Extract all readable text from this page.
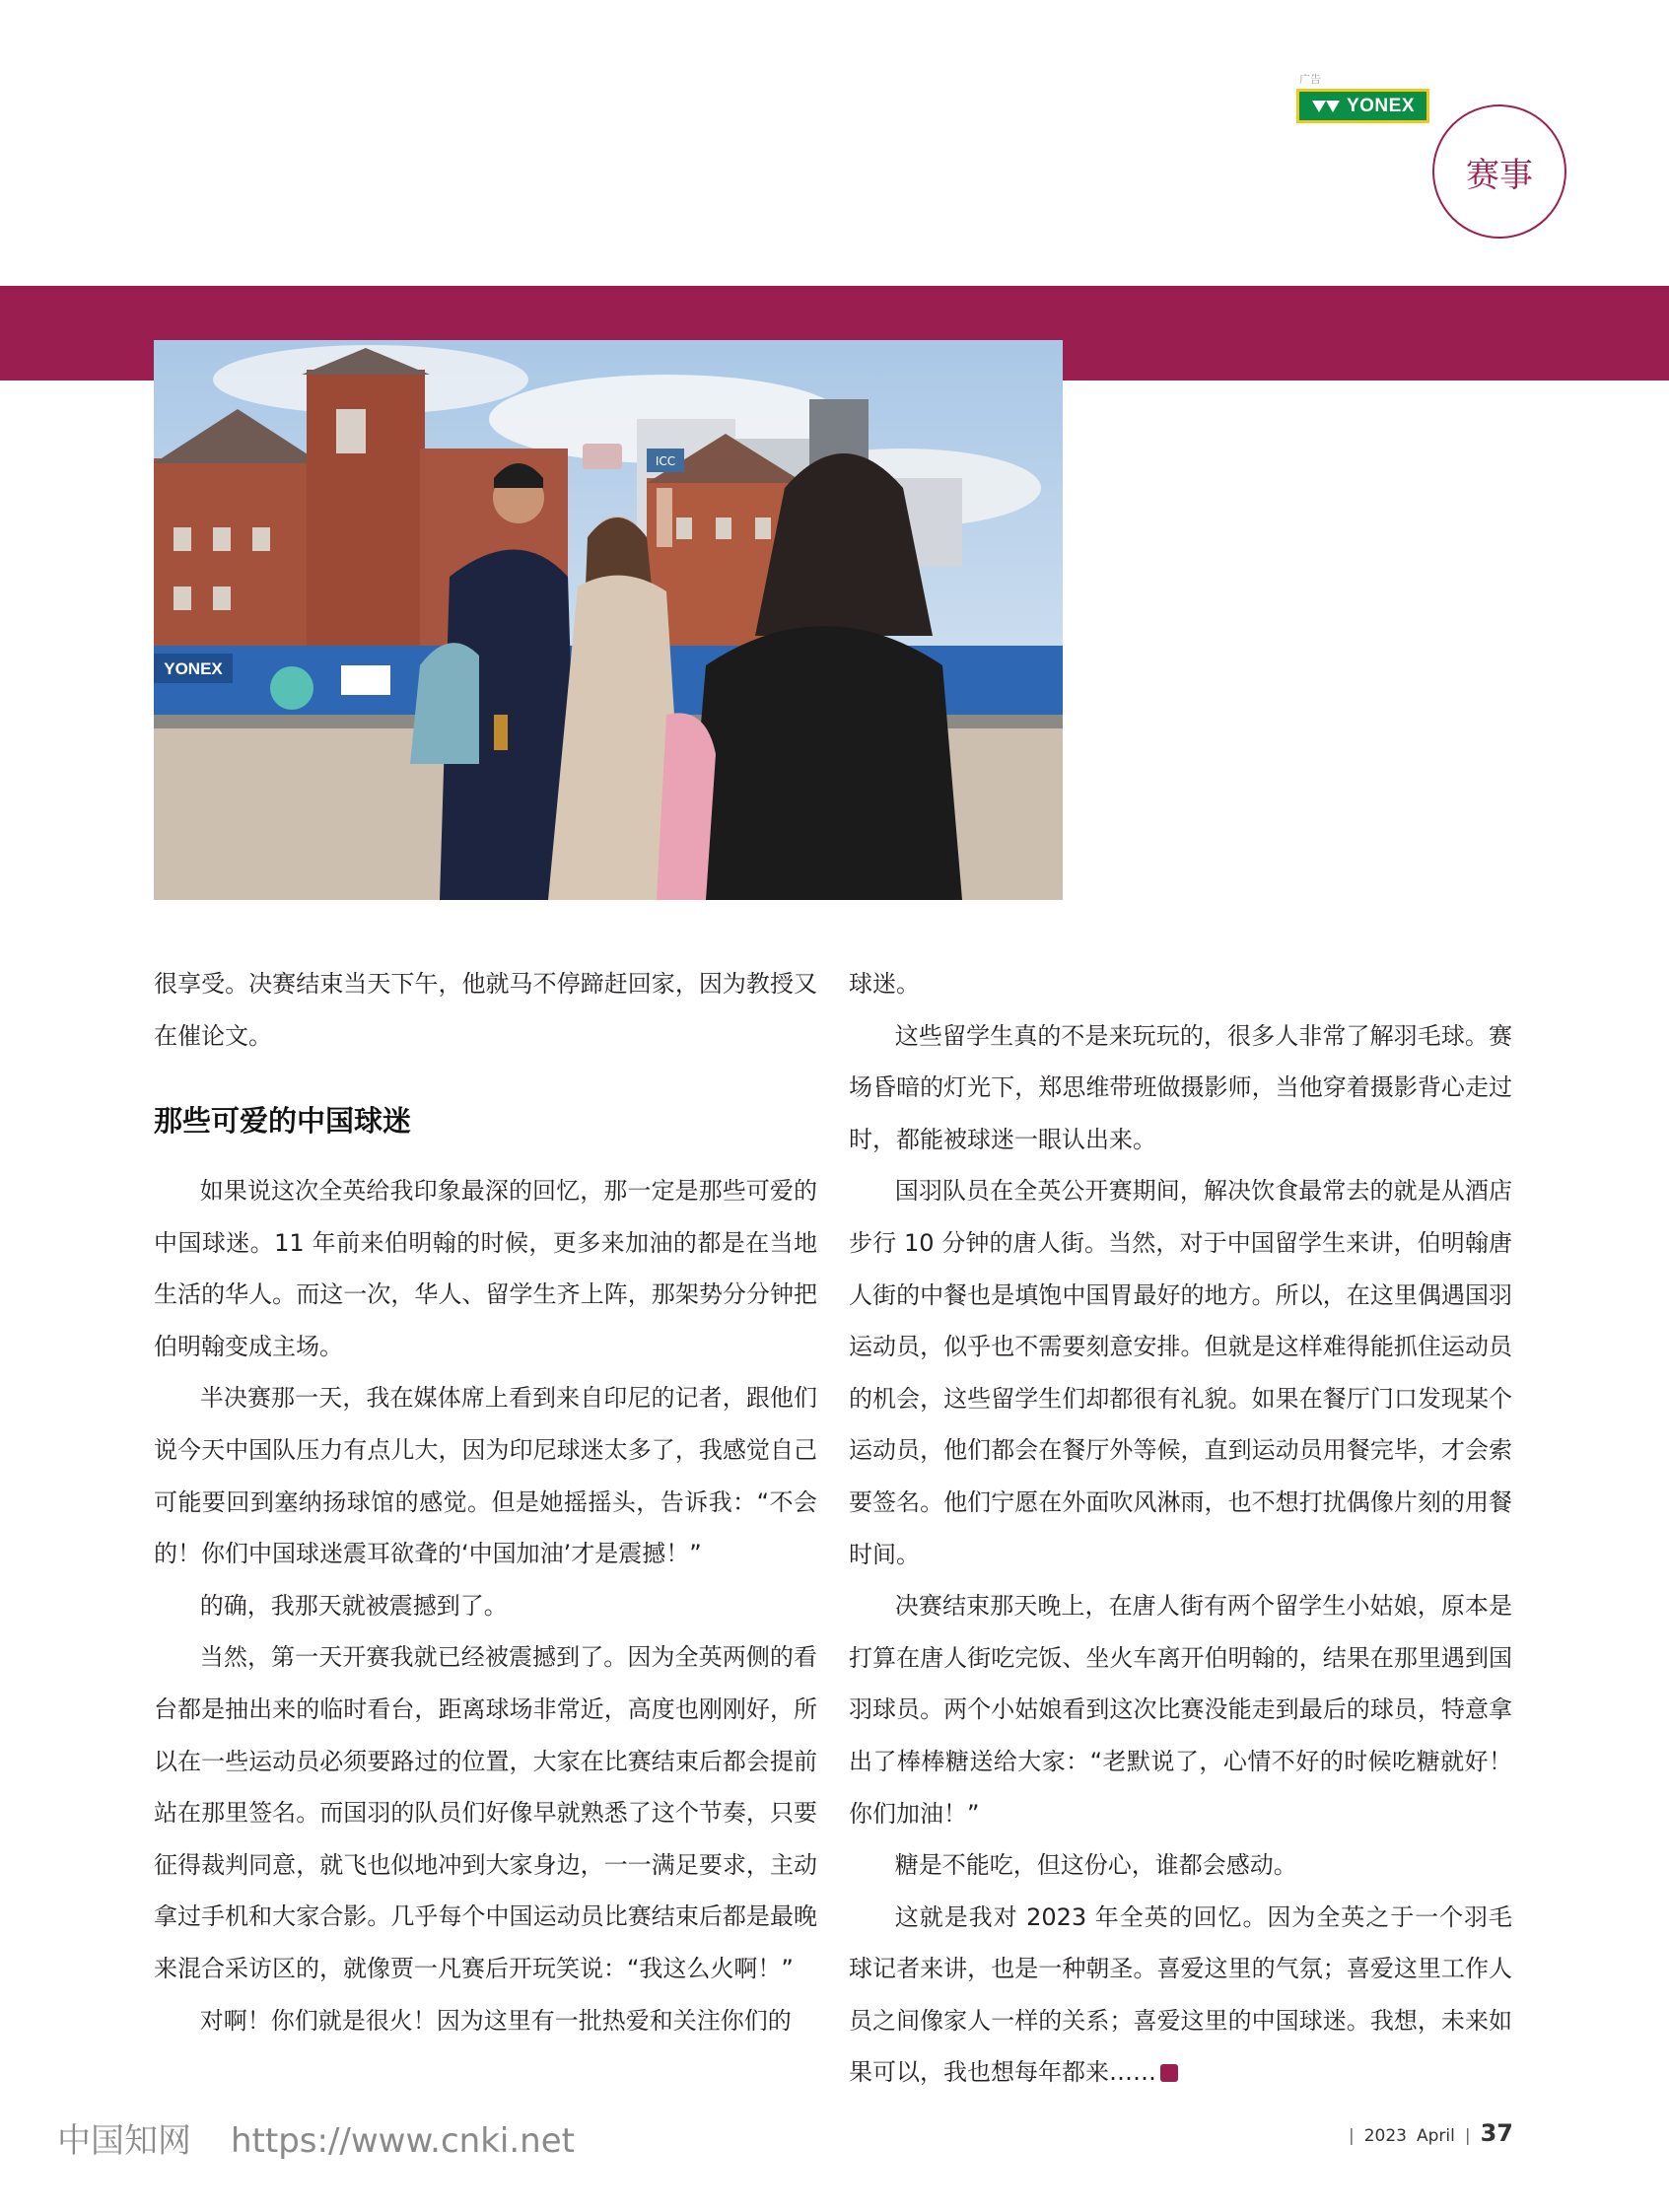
广告
YONEX
赛事
ICC
YONEX

很享受。决赛结束当天下午，他就马不停蹄赶回家，因为教授又在催论文。

那些可爱的中国球迷

如果说这次全英给我印象最深的回忆，那一定是那些可爱的中国球迷。11 年前来伯明翰的时候，更多来加油的都是在当地生活的华人。而这一次，华人、留学生齐上阵，那架势分分钟把伯明翰变成主场。

半决赛那一天，我在媒体席上看到来自印尼的记者，跟他们说今天中国队压力有点儿大，因为印尼球迷太多了，我感觉自己可能要回到塞纳扬球馆的感觉。但是她摇摇头，告诉我：“不会的！你们中国球迷震耳欲聋的‘中国加油’才是震撼！”

的确，我那天就被震撼到了。

当然，第一天开赛我就已经被震撼到了。因为全英两侧的看台都是抽出来的临时看台，距离球场非常近，高度也刚刚好，所以在一些运动员必须要路过的位置，大家在比赛结束后都会提前站在那里签名。而国羽的队员们好像早就熟悉了这个节奏，只要征得裁判同意，就飞也似地冲到大家身边，一一满足要求，主动拿过手机和大家合影。几乎每个中国运动员比赛结束后都是最晚来混合采访区的，就像贾一凡赛后开玩笑说：“我这么火啊！”

对啊！你们就是很火！因为这里有一批热爱和关注你们的

球迷。

这些留学生真的不是来玩玩的，很多人非常了解羽毛球。赛场昏暗的灯光下，郑思维带班做摄影师，当他穿着摄影背心走过时，都能被球迷一眼认出来。

国羽队员在全英公开赛期间，解决饮食最常去的就是从酒店步行 10 分钟的唐人街。当然，对于中国留学生来讲，伯明翰唐人街的中餐也是填饱中国胃最好的地方。所以，在这里偶遇国羽运动员，似乎也不需要刻意安排。但就是这样难得能抓住运动员的机会，这些留学生们却都很有礼貌。如果在餐厅门口发现某个运动员，他们都会在餐厅外等候，直到运动员用餐完毕，才会索要签名。他们宁愿在外面吹风淋雨，也不想打扰偶像片刻的用餐时间。

决赛结束那天晚上，在唐人街有两个留学生小姑娘，原本是打算在唐人街吃完饭、坐火车离开伯明翰的，结果在那里遇到国羽球员。两个小姑娘看到这次比赛没能走到最后的球员，特意拿出了棒棒糖送给大家：“老默说了，心情不好的时候吃糖就好！你们加油！”

糖是不能吃，但这份心，谁都会感动。

这就是我对 2023 年全英的回忆。因为全英之于一个羽毛球记者来讲，也是一种朝圣。喜爱这里的气氛；喜爱这里工作人员之间像家人一样的关系；喜爱这里的中国球迷。我想，未来如果可以，我也想每年都来……

中国知网 https://www.cnki.net	| 2023 April | 37
